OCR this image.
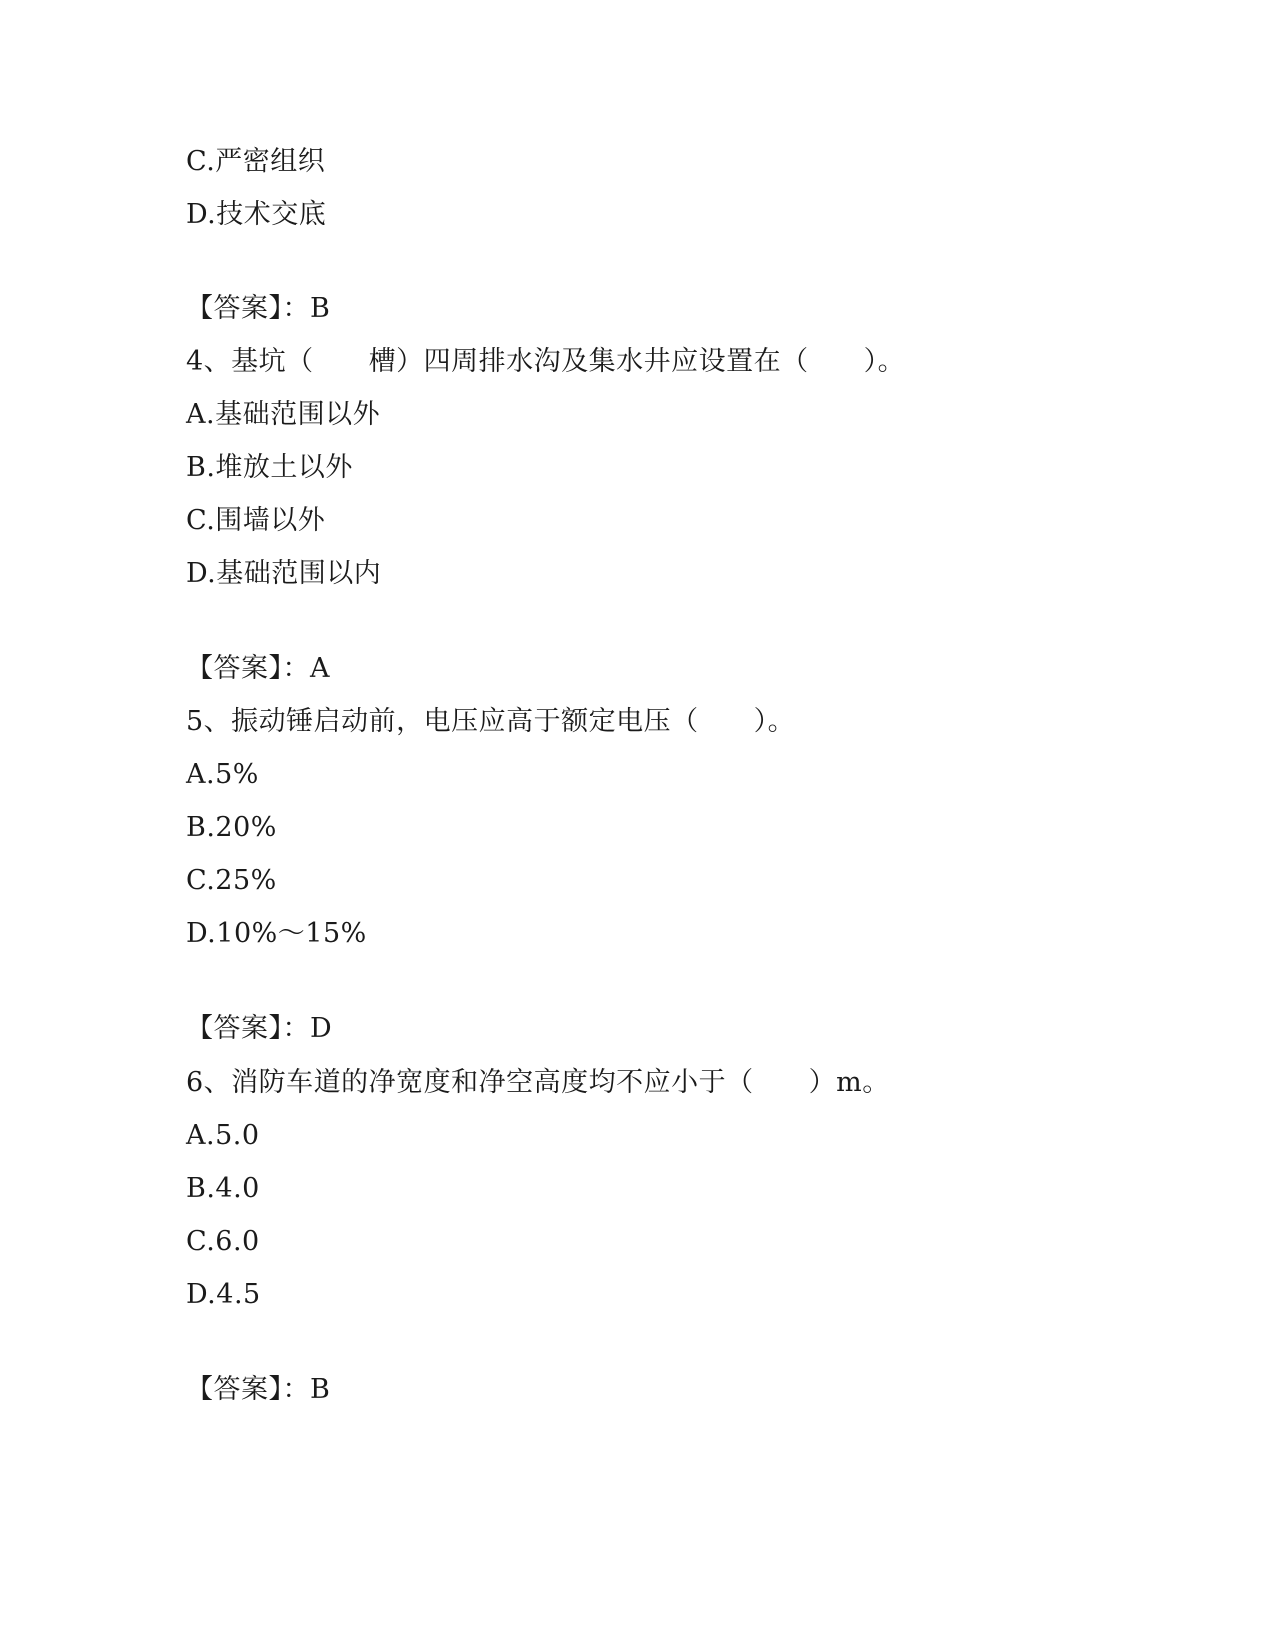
C.严密组织
D.技术交底
【答案】：B
4、基坑（　　槽）四周排水沟及集水井应设置在（　　）。
A.基础范围以外
B.堆放土以外
C.围墙以外
D.基础范围以内
【答案】：A
5、振动锤启动前，电压应高于额定电压（　　）。
A.5%
B.20%
C.25%
D.10%～15%
【答案】：D
6、消防车道的净宽度和净空高度均不应小于（　　）m。
A.5.0
B.4.0
C.6.0
D.4.5
【答案】：B
